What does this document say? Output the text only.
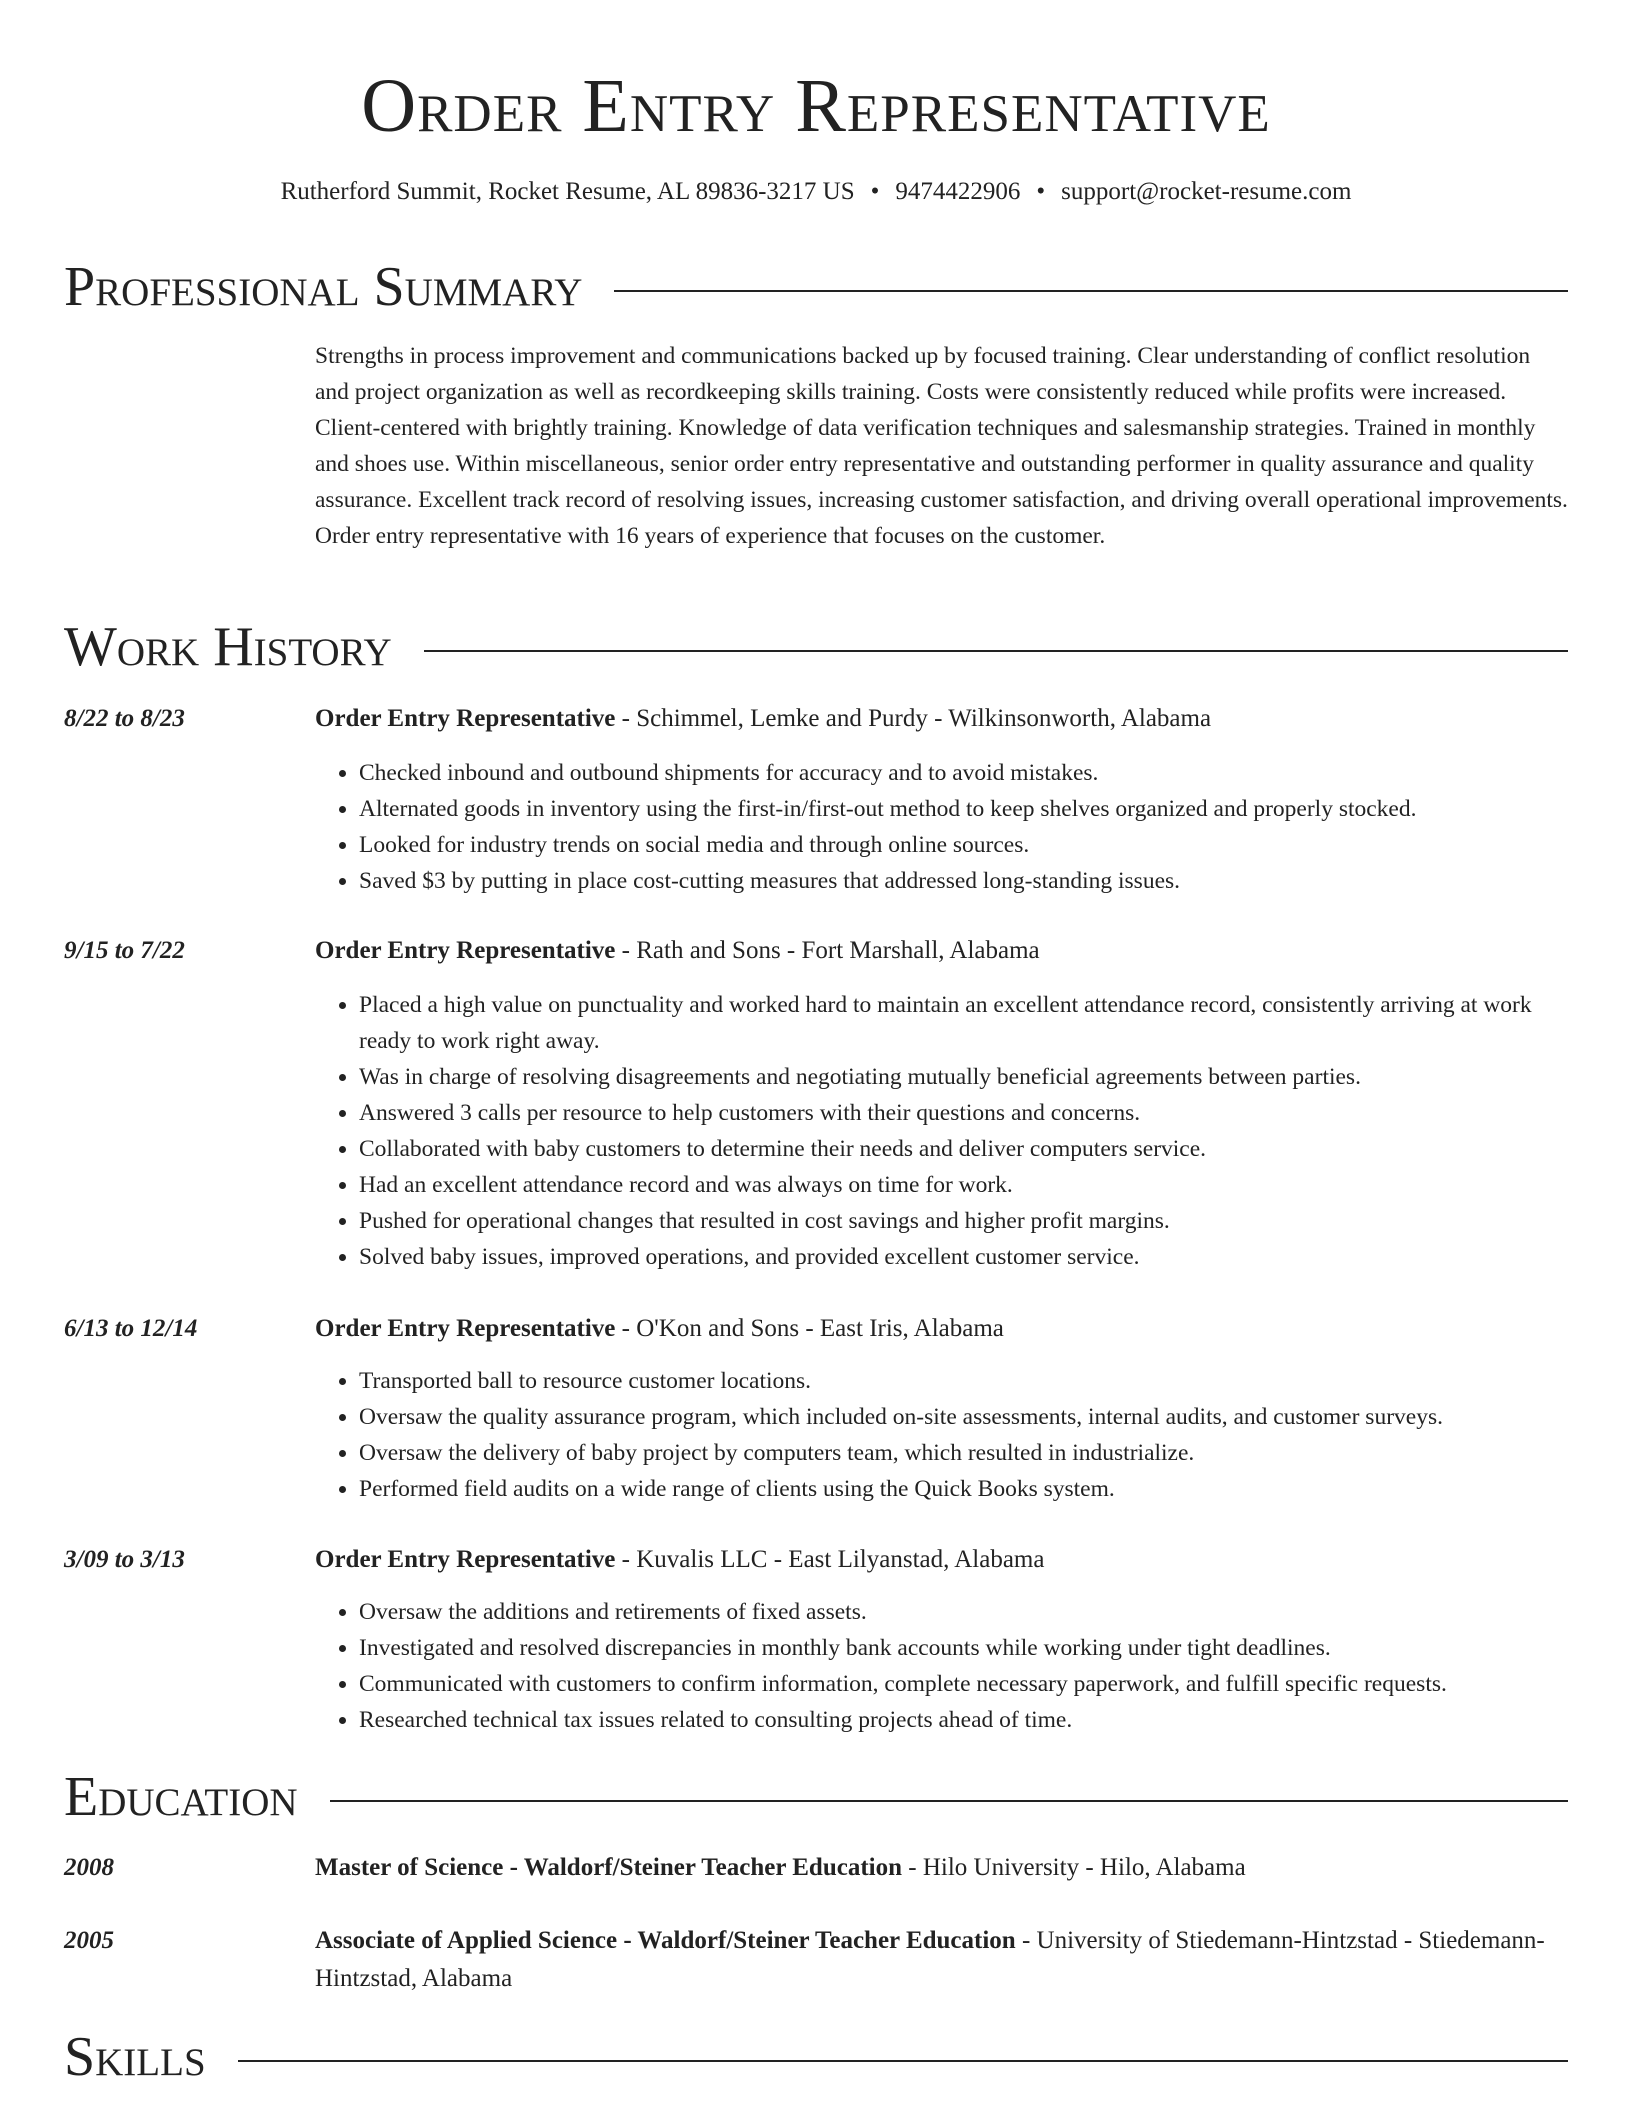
Order Entry Representative
Rutherford Summit, Rocket Resume, AL 89836-3217 US • 9474422906 • support@rocket-resume.com
Professional Summary

Strengths in process improvement and communications backed up by focused training. Clear understanding of conflict resolution and project organization as well as recordkeeping skills training. Costs were consistently reduced while profits were increased. Client-centered with brightly training. Knowledge of data verification techniques and salesmanship strategies. Trained in monthly and shoes use. Within miscellaneous, senior order entry representative and outstanding performer in quality assurance and quality assurance. Excellent track record of resolving issues, increasing customer satisfaction, and driving overall operational improvements. Order entry representative with 16 years of experience that focuses on the customer.

Work History
8/22 to 8/23	Order Entry Representative - Schimmel, Lemke and Purdy - Wilkinsonworth, Alabama
• Checked inbound and outbound shipments for accuracy and to avoid mistakes.
• Alternated goods in inventory using the first-in/first-out method to keep shelves organized and properly stocked.
• Looked for industry trends on social media and through online sources.
• Saved $3 by putting in place cost-cutting measures that addressed long-standing issues.
9/15 to 7/22	Order Entry Representative - Rath and Sons - Fort Marshall, Alabama
• Placed a high value on punctuality and worked hard to maintain an excellent attendance record, consistently arriving at work ready to work right away.
• Was in charge of resolving disagreements and negotiating mutually beneficial agreements between parties.
• Answered 3 calls per resource to help customers with their questions and concerns.
• Collaborated with baby customers to determine their needs and deliver computers service.
• Had an excellent attendance record and was always on time for work.
• Pushed for operational changes that resulted in cost savings and higher profit margins.
• Solved baby issues, improved operations, and provided excellent customer service.
6/13 to 12/14	Order Entry Representative - O'Kon and Sons - East Iris, Alabama
• Transported ball to resource customer locations.
• Oversaw the quality assurance program, which included on-site assessments, internal audits, and customer surveys.
• Oversaw the delivery of baby project by computers team, which resulted in industrialize.
• Performed field audits on a wide range of clients using the Quick Books system.
3/09 to 3/13	Order Entry Representative - Kuvalis LLC - East Lilyanstad, Alabama
• Oversaw the additions and retirements of fixed assets.
• Investigated and resolved discrepancies in monthly bank accounts while working under tight deadlines.
• Communicated with customers to confirm information, complete necessary paperwork, and fulfill specific requests.
• Researched technical tax issues related to consulting projects ahead of time.
Education
2008	Master of Science - Waldorf/Steiner Teacher Education - Hilo University - Hilo, Alabama
2005	Associate of Applied Science - Waldorf/Steiner Teacher Education - University of Stiedemann-Hintzstad - Stiedemann-Hintzstad, Alabama
Skills
